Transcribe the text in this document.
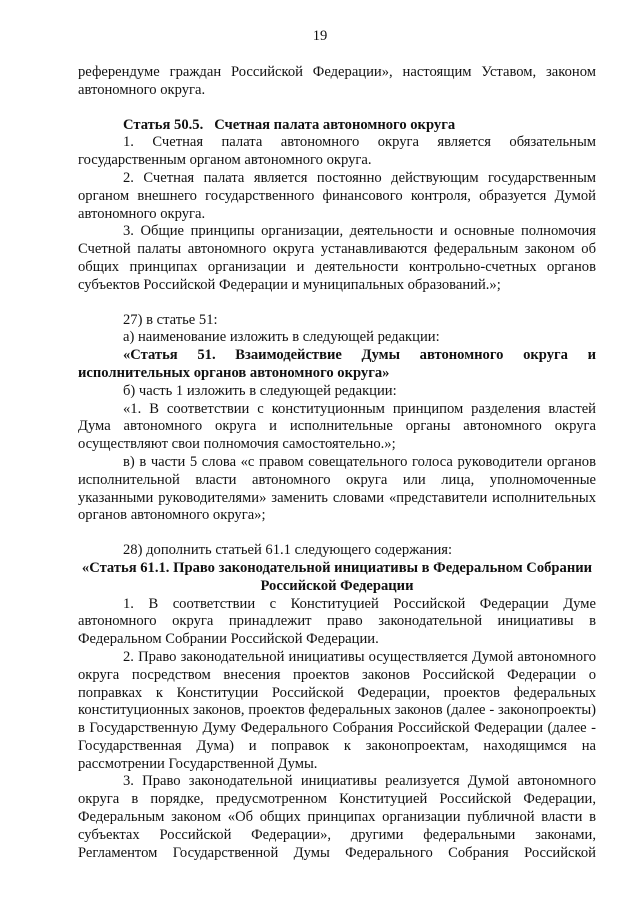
19

референдуме граждан Российской Федерации», настоящим Уставом, законом автономного округа.

Статья 50.5. Счетная палата автономного округа

1. Счетная палата автономного округа является обязательным государственным органом автономного округа.

2. Счетная палата является постоянно действующим государственным органом внешнего государственного финансового контроля, образуется Думой автономного округа.

3. Общие принципы организации, деятельности и основные полномочия Счетной палаты автономного округа устанавливаются федеральным законом об общих принципах организации и деятельности контрольно-счетных органов субъектов Российской Федерации и муниципальных образований.»;

27) в статье 51:

а) наименование изложить в следующей редакции:

«Статья 51. Взаимодействие Думы автономного округа и исполнительных органов автономного округа»

б) часть 1 изложить в следующей редакции:

«1. В соответствии с конституционным принципом разделения властей Дума автономного округа и исполнительные органы автономного округа осуществляют свои полномочия самостоятельно.»;

в) в части 5 слова «с правом совещательного голоса руководители органов исполнительной власти автономного округа или лица, уполномоченные указанными руководителями» заменить словами «представители исполнительных органов автономного округа»;

28) дополнить статьей 61.1 следующего содержания:

«Статья 61.1. Право законодательной инициативы в Федеральном Собрании Российской Федерации

1. В соответствии с Конституцией Российской Федерации Думе автономного округа принадлежит право законодательной инициативы в Федеральном Собрании Российской Федерации.

2. Право законодательной инициативы осуществляется Думой автономного округа посредством внесения проектов законов Российской Федерации о поправках к Конституции Российской Федерации, проектов федеральных конституционных законов, проектов федеральных законов (далее - законопроекты) в Государственную Думу Федерального Собрания Российской Федерации (далее - Государственная Дума) и поправок к законопроектам, находящимся на рассмотрении Государственной Думы.

3. Право законодательной инициативы реализуется Думой автономного округа в порядке, предусмотренном Конституцией Российской Федерации, Федеральным законом «Об общих принципах организации публичной власти в субъектах Российской Федерации», другими федеральными законами, Регламентом Государственной Думы Федерального Собрания Российской
